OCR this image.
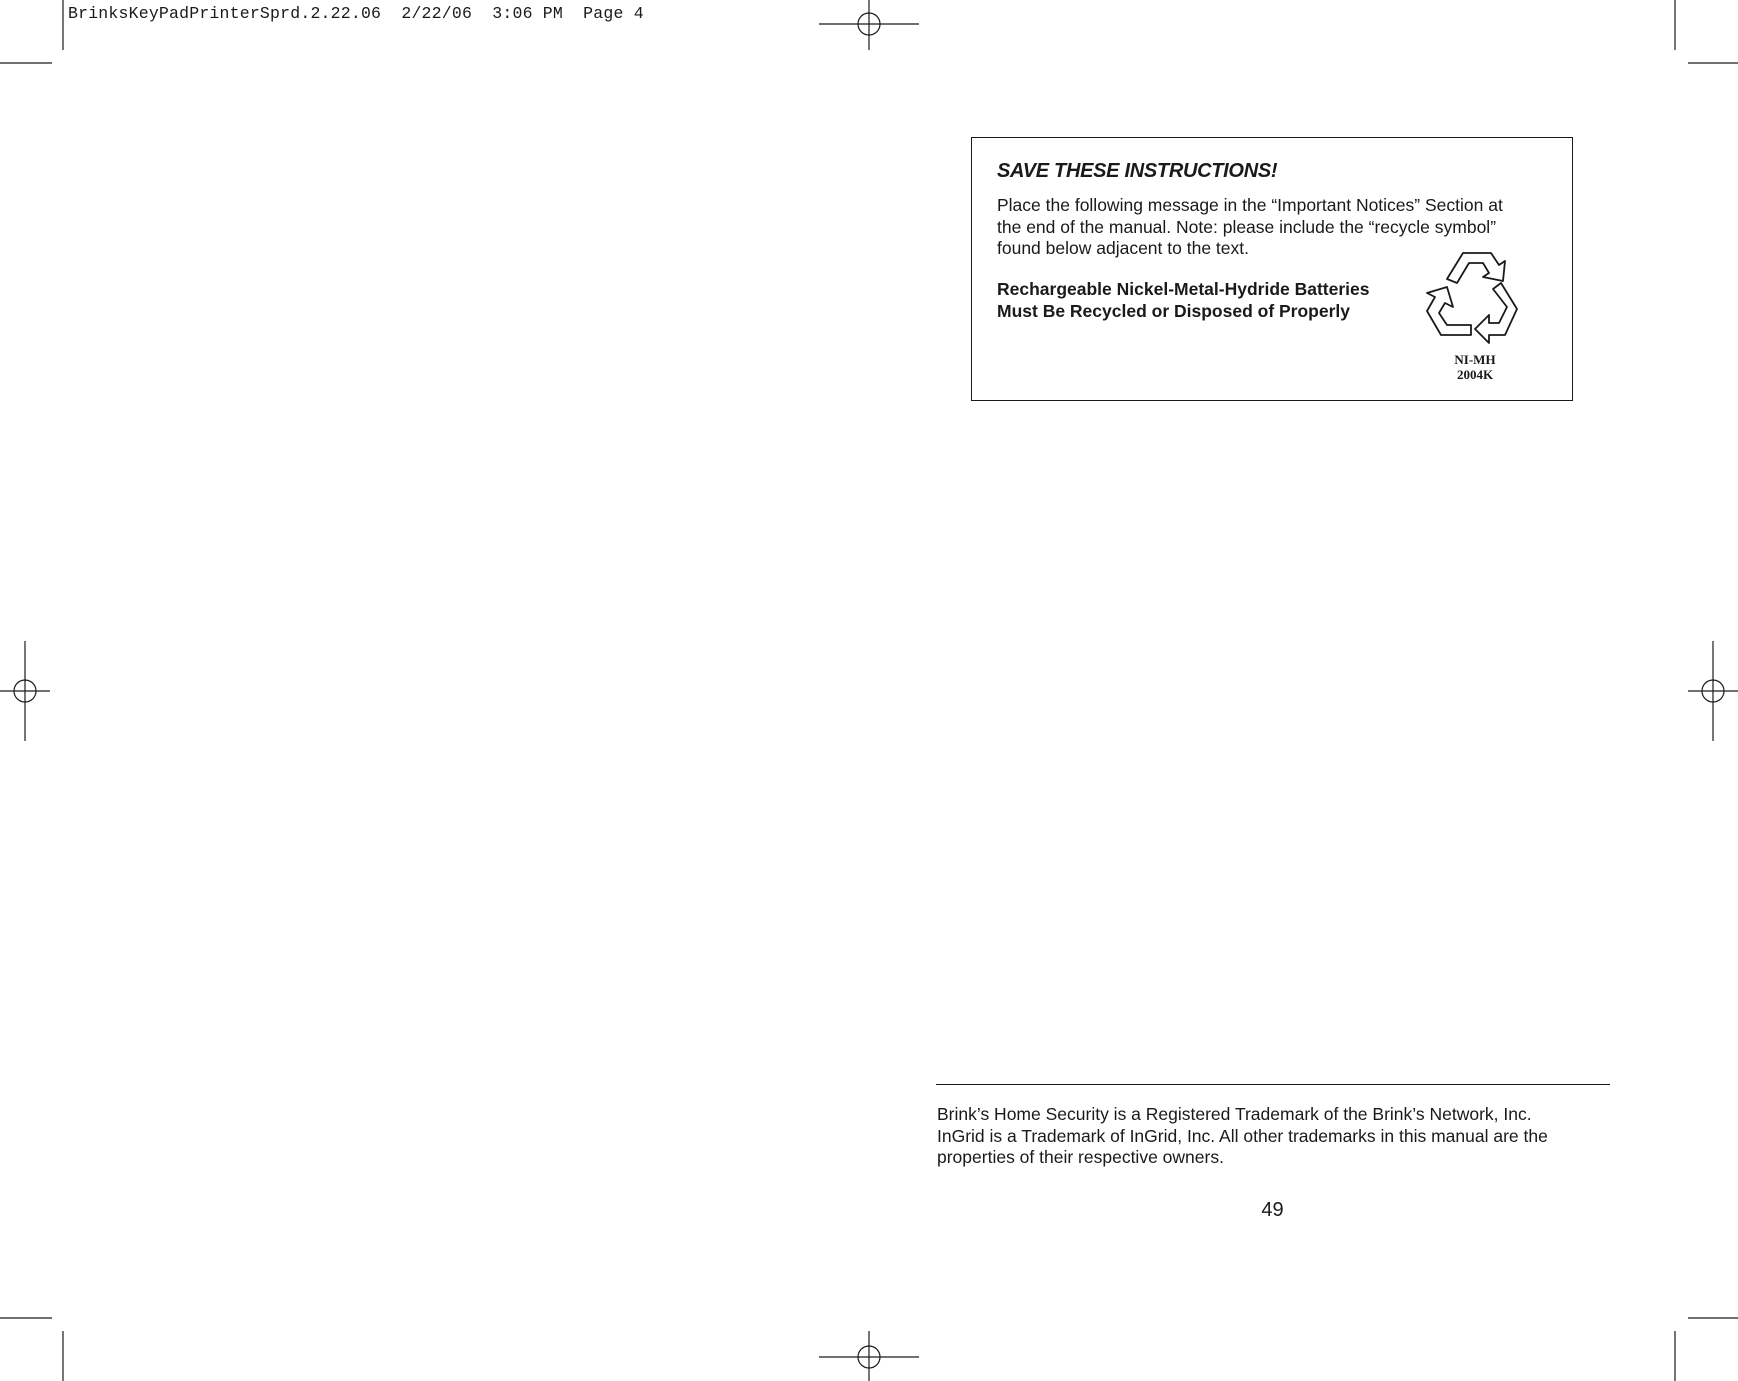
BrinksKeyPadPrinterSprd.2.22.06  2/22/06  3:06 PM  Page 4
SAVE THESE INSTRUCTIONS!
Place the following message in the “Important Notices” Section at
the end of the manual. Note: please include the “recycle symbol”
found below adjacent to the text.
Rechargeable Nickel-Metal-Hydride Batteries
Must Be Recycled or Disposed of Properly
NI-MH
2004K
Brink’s Home Security is a Registered Trademark of the Brink’s Network, Inc.
InGrid is a Trademark of InGrid, Inc. All other trademarks in this manual are the
properties of their respective owners.
49
